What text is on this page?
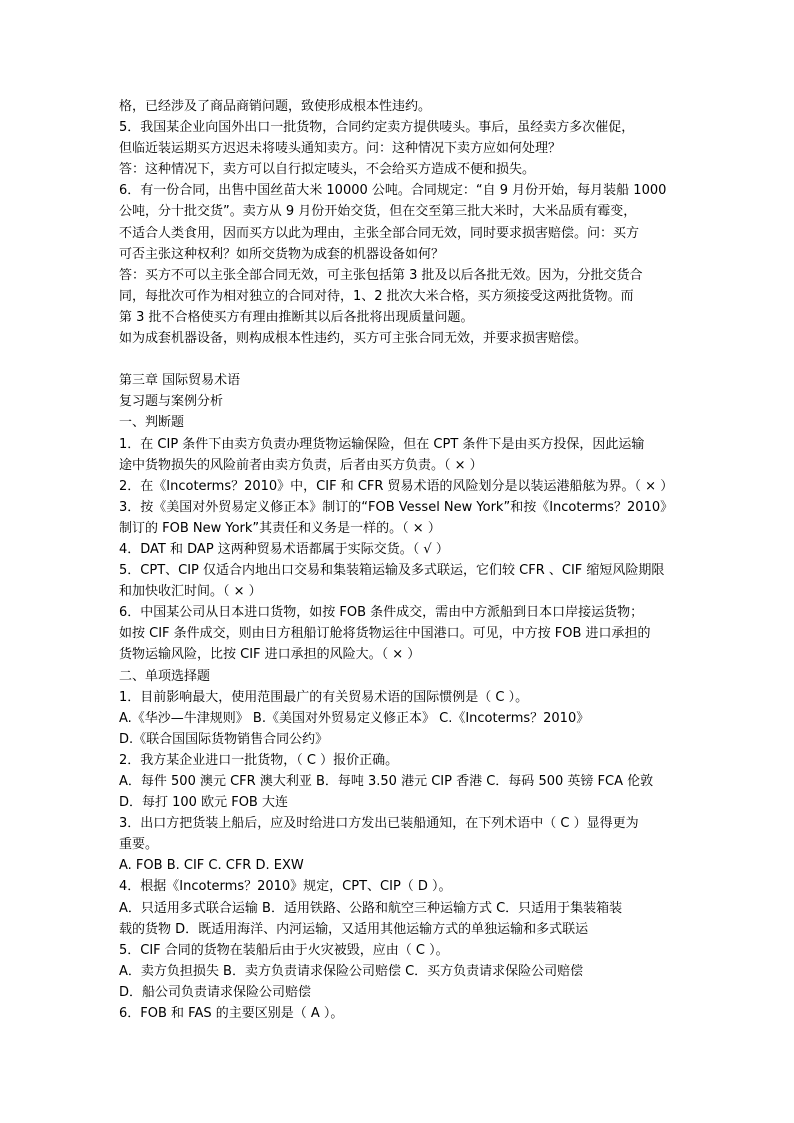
格，已经涉及了商品商销问题，致使形成根本性违约。

5．我国某企业向国外出口一批货物，合同约定卖方提供唛头。事后，虽经卖方多次催促，

但临近装运期买方迟迟未将唛头通知卖方。问：这种情况下卖方应如何处理？

答：这种情况下，卖方可以自行拟定唛头，不会给买方造成不便和损失。

6．有一份合同，出售中国丝苗大米 10000 公吨。合同规定：“自 9 月份开始，每月装船 1000

公吨，分十批交货”。卖方从 9 月份开始交货，但在交至第三批大米时，大米品质有霉变，

不适合人类食用，因而买方以此为理由，主张全部合同无效，同时要求损害赔偿。问：买方

可否主张这种权利？如所交货物为成套的机器设备如何？

答：买方不可以主张全部合同无效，可主张包括第 3 批及以后各批无效。因为，分批交货合

同，每批次可作为相对独立的合同对待，1、2 批次大米合格，买方须接受这两批货物。而

第 3 批不合格使买方有理由推断其以后各批将出现质量问题。

如为成套机器设备，则构成根本性违约，买方可主张合同无效，并要求损害赔偿。

第三章 国际贸易术语

复习题与案例分析

一、判断题

1．在 CIP 条件下由卖方负责办理货物运输保险，但在 CPT 条件下是由买方投保，因此运输

途中货物损失的风险前者由卖方负责，后者由买方负责。（ × ）

2．在《Incoterms？2010》中，CIF 和 CFR 贸易术语的风险划分是以装运港船舷为界。（ × ）

3．按《美国对外贸易定义修正本》制订的“FOB Vessel New York”和按《Incoterms？2010》

制订的 FOB New York”其责任和义务是一样的。（ × ）

4．DAT 和 DAP 这两种贸易术语都属于实际交货。（ √ ）

5．CPT、CIP 仅适合内地出口交易和集装箱运输及多式联运，它们较 CFR 、CIF 缩短风险期限

和加快收汇时间。（ × ）

6．中国某公司从日本进口货物，如按 FOB 条件成交，需由中方派船到日本口岸接运货物；

如按 CIF 条件成交，则由日方租船订舱将货物运往中国港口。可见，中方按 FOB 进口承担的

货物运输风险，比按 CIF 进口承担的风险大。（ × ）

二、单项选择题

1．目前影响最大，使用范围最广的有关贸易术语的国际惯例是（ C ）。

A.《华沙—牛津规则》 B.《美国对外贸易定义修正本》 C.《Incoterms？2010》

D.《联合国国际货物销售合同公约》

2．我方某企业进口一批货物，（ C ）报价正确。

A．每件 500 澳元 CFR 澳大利亚 B．每吨 3.50 港元 CIP 香港 C．每码 500 英镑 FCA 伦敦

D．每打 100 欧元 FOB 大连

3．出口方把货装上船后，应及时给进口方发出已装船通知，在下列术语中（ C ）显得更为

重要。

A. FOB B. CIF C. CFR D. EXW

4．根据《Incoterms？2010》规定，CPT、CIP（ D ）。

A．只适用多式联合运输 B．适用铁路、公路和航空三种运输方式 C．只适用于集装箱装

载的货物 D．既适用海洋、内河运输，又适用其他运输方式的单独运输和多式联运

5．CIF 合同的货物在装船后由于火灾被毁，应由（ C ）。

A．卖方负担损失 B．卖方负责请求保险公司赔偿 C．买方负责请求保险公司赔偿

D．船公司负责请求保险公司赔偿

6．FOB 和 FAS 的主要区别是（ A ）。
